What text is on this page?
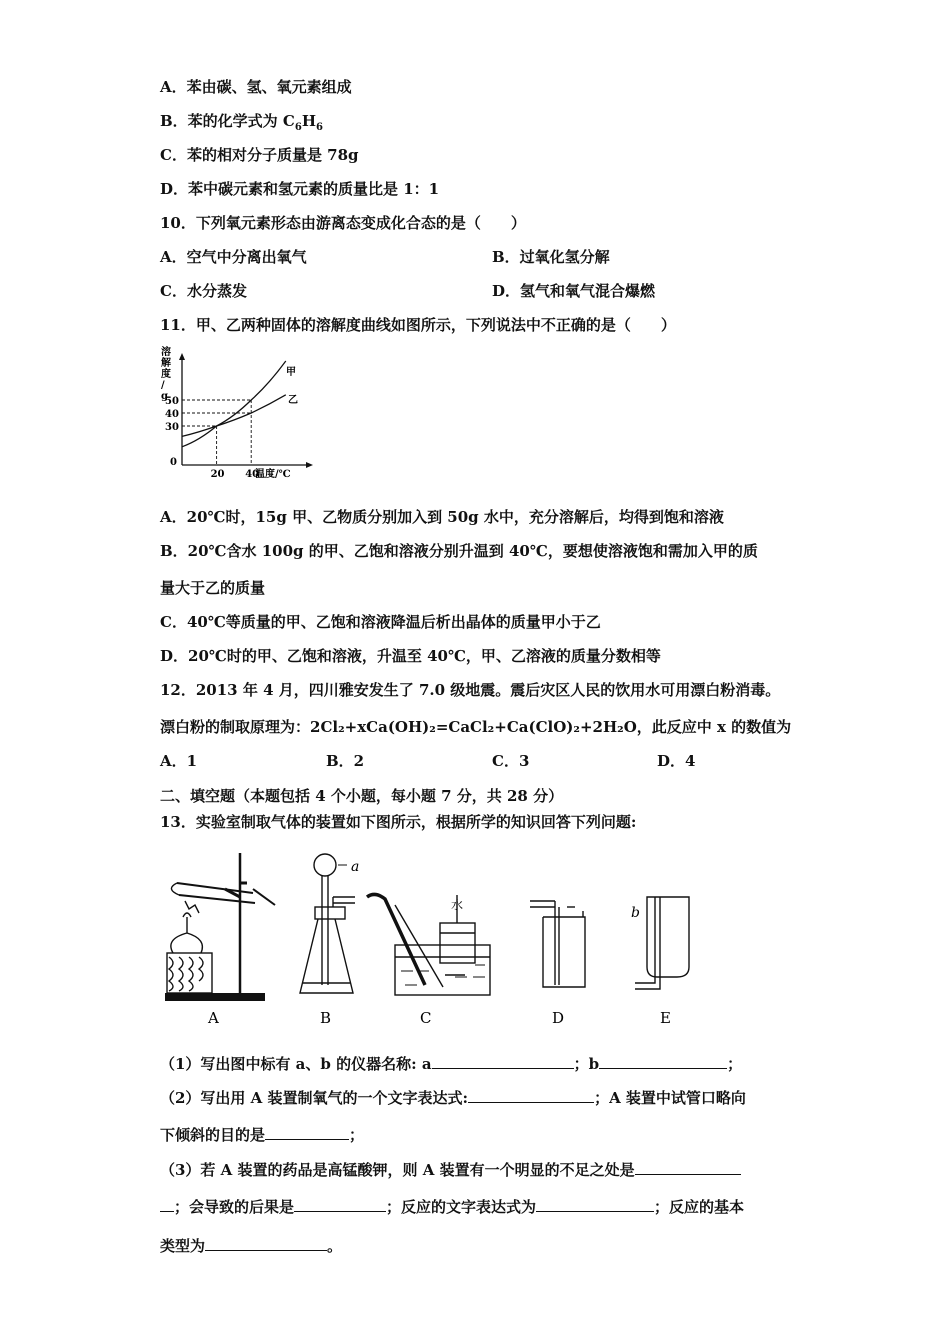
A．苯由碳、氢、氧元素组成
B．苯的化学式为 $C_6H_6$
C．苯的相对分子质量是 78g
D．苯中碳元素和氢元素的质量比是 1：1
10．下列氧元素形态由游离态变成化合态的是（　　）
A．空气中分离出氧气	B．过氧化氢分解
C．水分蒸发	D．氢气和氧气混合爆燃
11．甲、乙两种固体的溶解度曲线如图所示，下列说法中不正确的是（　　）
溶解度/ g
30
40
50
0
20 40
温度/℃
甲
乙
A．20℃时，15g 甲、乙物质分别加入到 50g 水中，充分溶解后，均得到饱和溶液
B．20℃含水 100g 的甲、乙饱和溶液分别升温到 40℃，要想使溶液饱和需加入甲的质
量大于乙的质量
C．40℃等质量的甲、乙饱和溶液降温后析出晶体的质量甲小于乙
D．20℃时的甲、乙饱和溶液，升温至 40℃，甲、乙溶液的质量分数相等
12．2013 年 4 月，四川雅安发生了 7.0 级地震。震后灾区人民的饮用水可用漂白粉消毒。
漂白粉的制取原理为：2Cl₂+xCa(OH)₂=CaCl₂+Ca(ClO)₂+2H₂O，此反应中 x 的数值为
A．1	B．2	C．3	D．4
二、填空题（本题包括 4 个小题，每小题 7 分，共 28 分）
13．实验室制取气体的装置如下图所示，根据所学的知识回答下列问题:
a
b
水
A	B	C	D	E
（1）写出图中标有 a、b 的仪器名称: a	；b	；
（2）写出用 A 装置制氧气的一个文字表达式:	；A 装置中试管口略向
下倾斜的目的是	；
（3）若 A 装置的药品是高锰酸钾，则 A 装置有一个明显的不足之处是
；会导致的后果是	；反应的文字表达式为	；反应的基本
类型为	。
